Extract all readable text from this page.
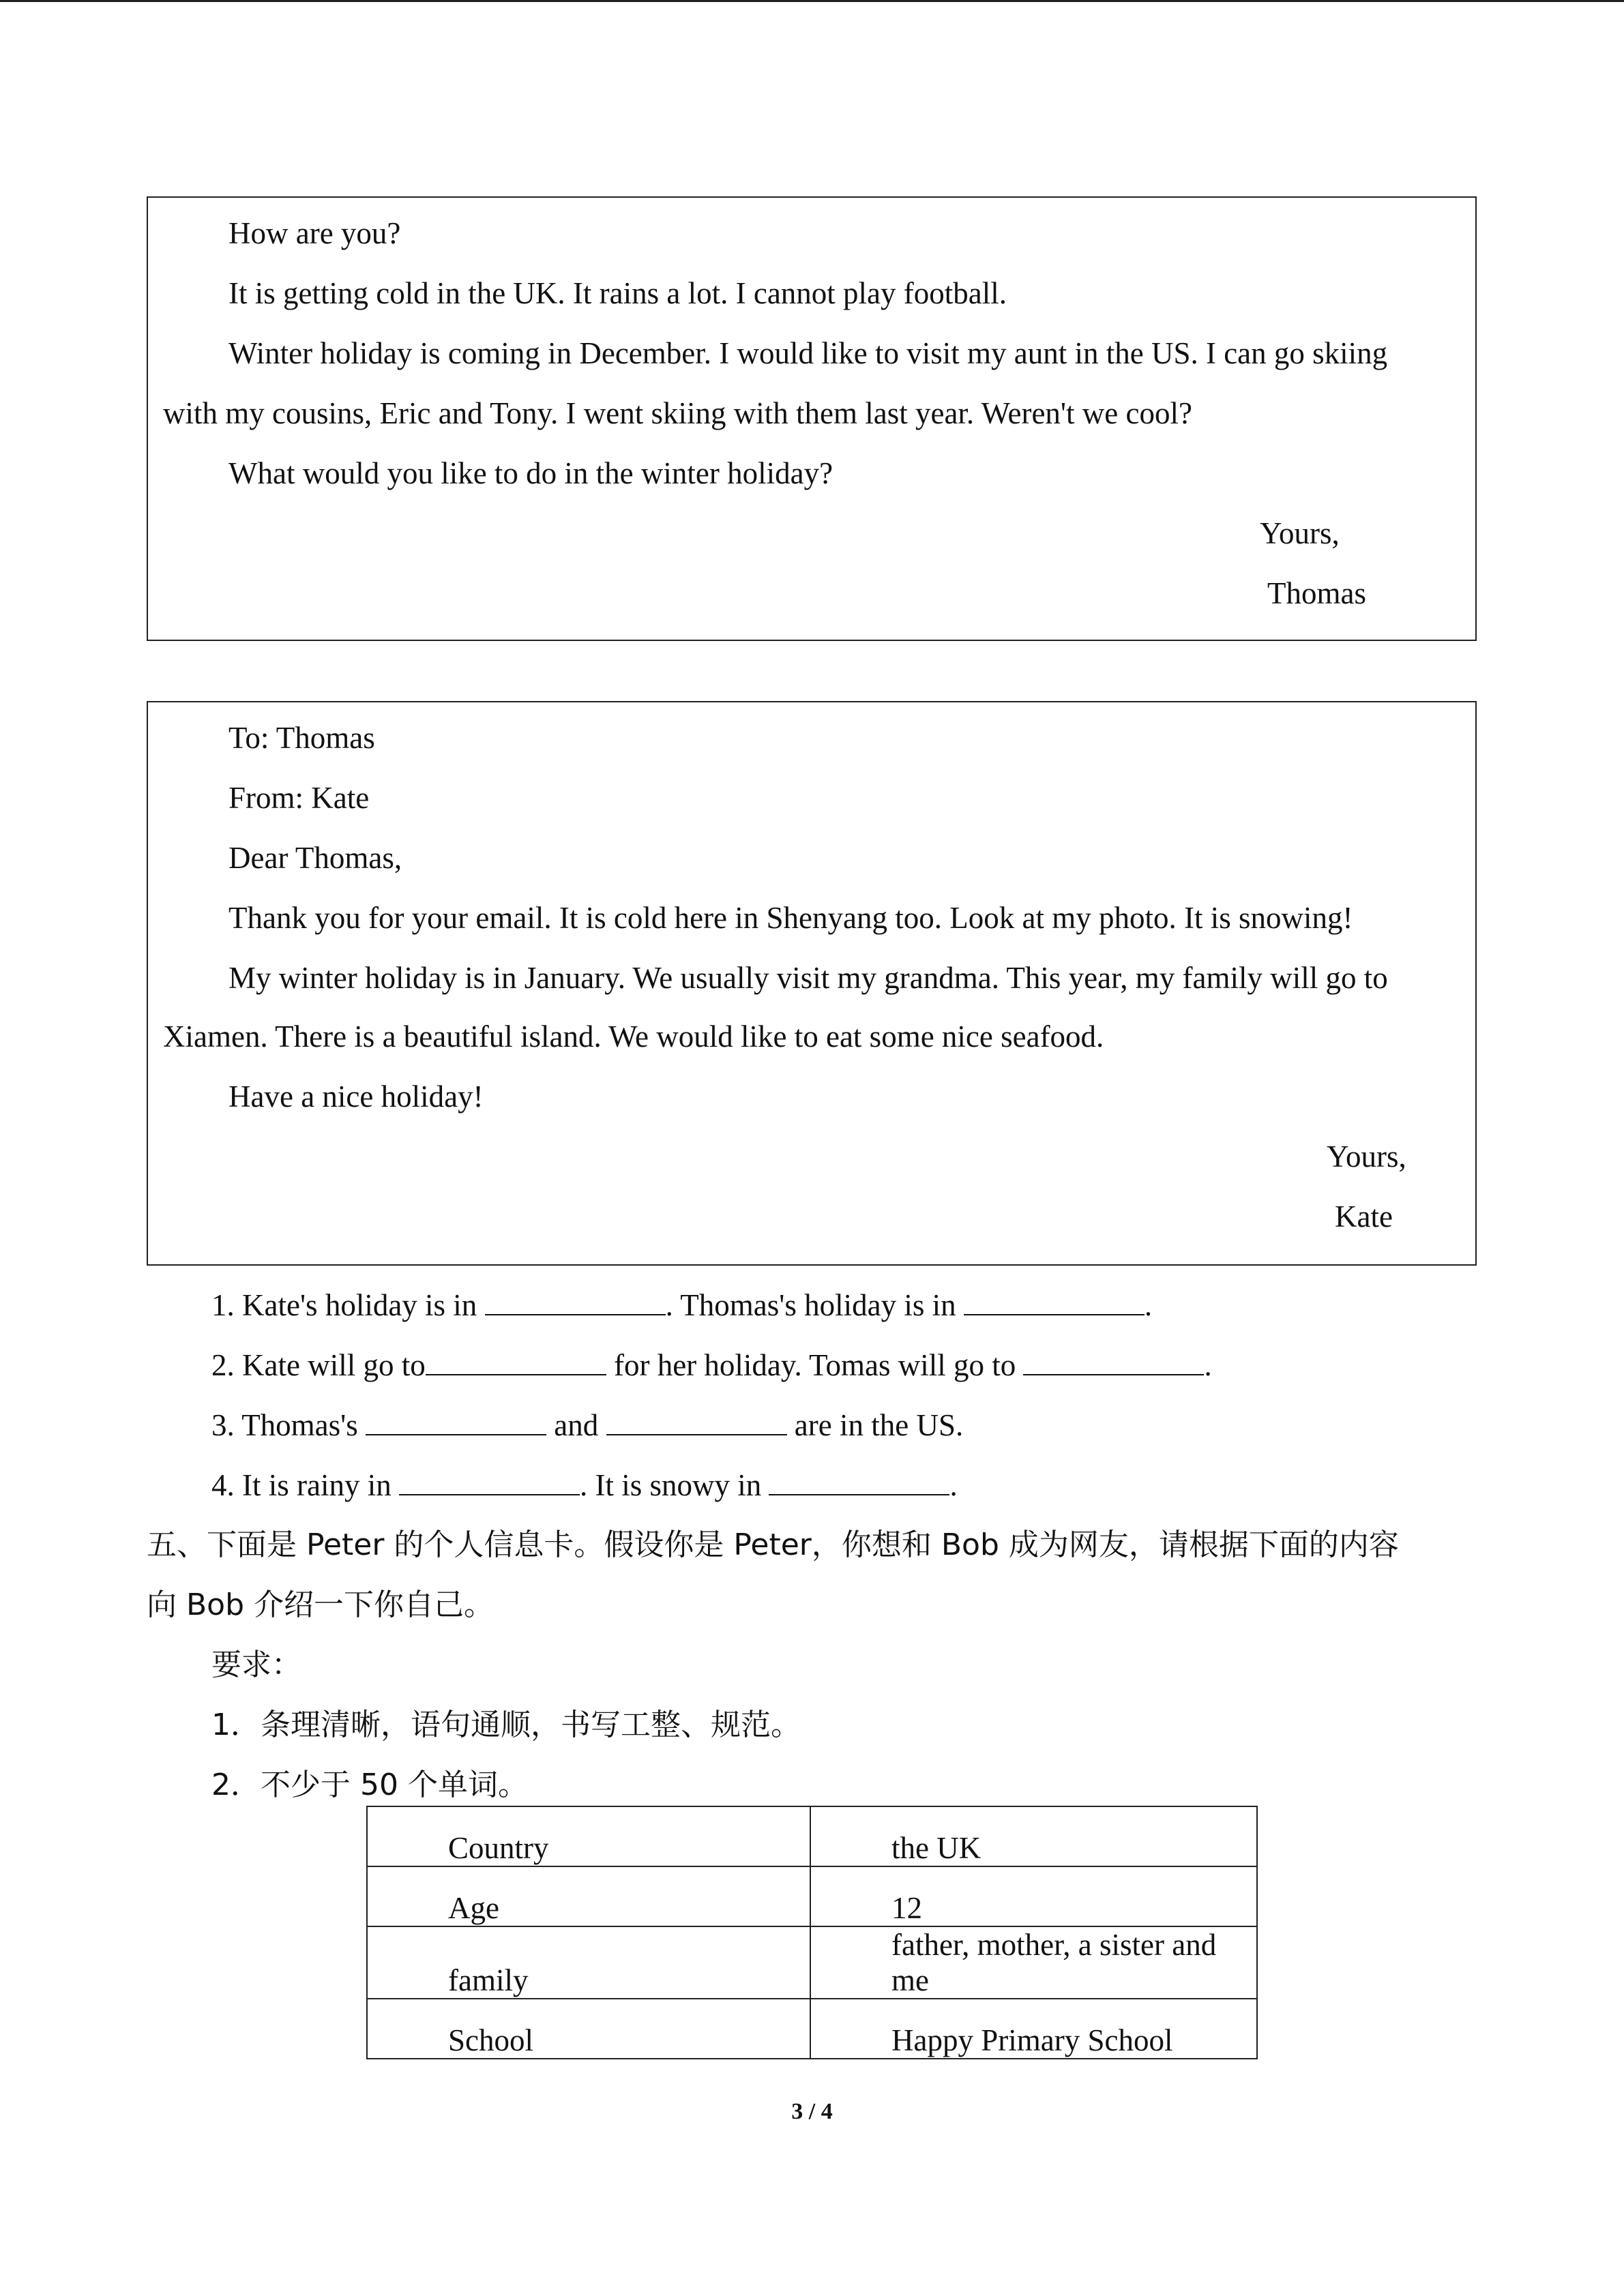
How are you?
It is getting cold in the UK. It rains a lot. I cannot play football.
Winter holiday is coming in December. I would like to visit my aunt in the US. I can go skiing
with my cousins, Eric and Tony. I went skiing with them last year. Weren't we cool?
What would you like to do in the winter holiday?
Yours,
Thomas
To: Thomas
From: Kate
Dear Thomas,
Thank you for your email. It is cold here in Shenyang too. Look at my photo. It is snowing!
My winter holiday is in January. We usually visit my grandma. This year, my family will go to
Xiamen. There is a beautiful island. We would like to eat some nice seafood.
Have a nice holiday!
Yours,
Kate
1. Kate's holiday is in	. Thomas's holiday is in	.
2. Kate will go to	for her holiday. Tomas will go to	.
3. Thomas's	and	are in the US.
4. It is rainy in	. It is snowy in	.
五、下面是 Peter 的个人信息卡。假设你是 Peter，你想和 Bob 成为网友，请根据下面的内容
向 Bob 介绍一下你自己。
要求：
1．条理清晰，语句通顺，书写工整、规范。
2．不少于 50 个单词。
Country	the UK
Age	12
family	father, mother, a sister and me
School	Happy Primary School
3 / 4
